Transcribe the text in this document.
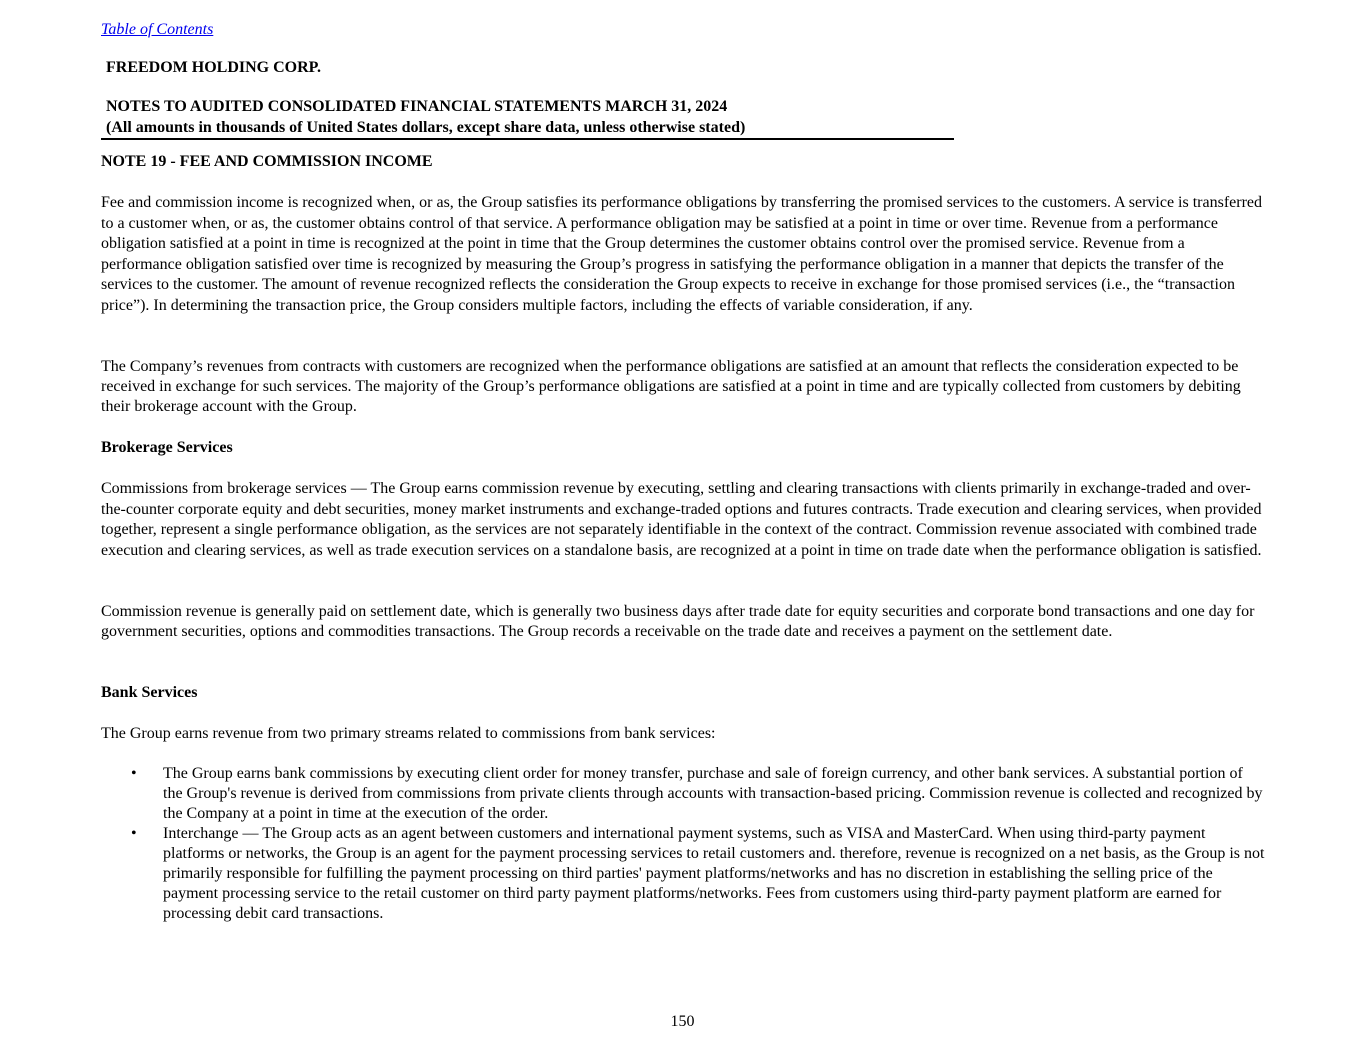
Table of Contents
FREEDOM HOLDING CORP.
NOTES TO AUDITED CONSOLIDATED FINANCIAL STATEMENTS MARCH 31, 2024
(All amounts in thousands of United States dollars, except share data, unless otherwise stated)
NOTE 19 - FEE AND COMMISSION INCOME

Fee and commission income is recognized when, or as, the Group satisfies its performance obligations by transferring the promised services to the customers. A service is transferred to a customer when, or as, the customer obtains control of that service. A performance obligation may be satisfied at a point in time or over time. Revenue from a performance obligation satisfied at a point in time is recognized at the point in time that the Group determines the customer obtains control over the promised service. Revenue from a performance obligation satisfied over time is recognized by measuring the Group’s progress in satisfying the performance obligation in a manner that depicts the transfer of the services to the customer. The amount of revenue recognized reflects the consideration the Group expects to receive in exchange for those promised services (i.e., the “transaction price”). In determining the transaction price, the Group considers multiple factors, including the effects of variable consideration, if any.

The Company’s revenues from contracts with customers are recognized when the performance obligations are satisfied at an amount that reflects the consideration expected to be received in exchange for such services. The majority of the Group’s performance obligations are satisfied at a point in time and are typically collected from customers by debiting their brokerage account with the Group.

Brokerage Services

Commissions from brokerage services — The Group earns commission revenue by executing, settling and clearing transactions with clients primarily in exchange-traded and over-the-counter corporate equity and debt securities, money market instruments and exchange-traded options and futures contracts. Trade execution and clearing services, when provided together, represent a single performance obligation, as the services are not separately identifiable in the context of the contract. Commission revenue associated with combined trade execution and clearing services, as well as trade execution services on a standalone basis, are recognized at a point in time on trade date when the performance obligation is satisfied.

Commission revenue is generally paid on settlement date, which is generally two business days after trade date for equity securities and corporate bond transactions and one day for government securities, options and commodities transactions. The Group records a receivable on the trade date and receives a payment on the settlement date.

Bank Services

The Group earns revenue from two primary streams related to commissions from bank services:

• The Group earns bank commissions by executing client order for money transfer, purchase and sale of foreign currency, and other bank services. A substantial portion of the Group's revenue is derived from commissions from private clients through accounts with transaction-based pricing. Commission revenue is collected and recognized by the Company at a point in time at the execution of the order.
• Interchange — The Group acts as an agent between customers and international payment systems, such as VISA and MasterCard. When using third-party payment platforms or networks, the Group is an agent for the payment processing services to retail customers and. therefore, revenue is recognized on a net basis, as the Group is not primarily responsible for fulfilling the payment processing on third parties' payment platforms/networks and has no discretion in establishing the selling price of the payment processing service to the retail customer on third party payment platforms/networks. Fees from customers using third-party payment platform are earned for processing debit card transactions.
150
